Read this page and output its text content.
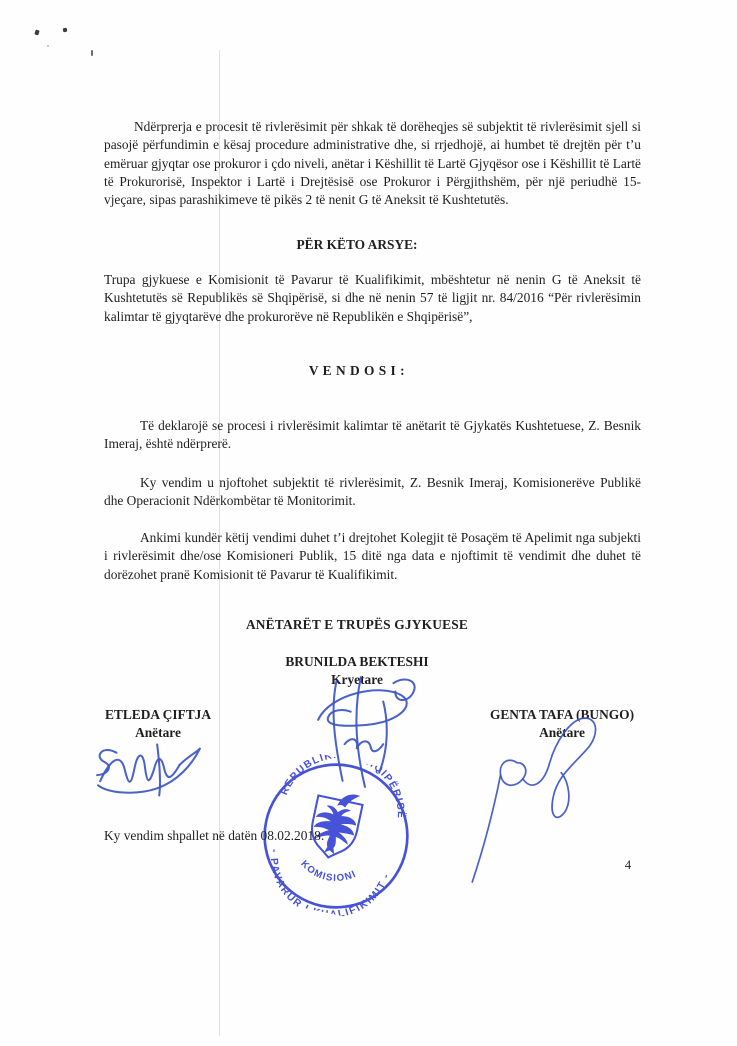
Ndërprerja e procesit të rivlerësimit për shkak të dorëheqjes së subjektit të rivlerësimit sjell si pasojë përfundimin e kësaj procedure administrative dhe, si rrjedhojë, ai humbet të drejtën për t’u emëruar gjyqtar ose prokuror i çdo niveli, anëtar i Këshillit të Lartë Gjyqësor ose i Këshillit të Lartë të Prokurorisë, Inspektor i Lartë i Drejtësisë ose Prokuror i Përgjithshëm, për një periudhë 15-vjeçare, sipas parashikimeve të pikës 2 të nenit G të Aneksit të Kushtetutës.
PËR KËTO ARSYE:
Trupa gjykuese e Komisionit të Pavarur të Kualifikimit, mbështetur në nenin G të Aneksit të Kushtetutës së Republikës së Shqipërisë, si dhe në nenin 57 të ligjit nr. 84/2016 “Për rivlerësimin kalimtar të gjyqtarëve dhe prokurorëve në Republikën e Shqipërisë”,
V E N D O S I :
Të deklarojë se procesi i rivlerësimit kalimtar të anëtarit të Gjykatës Kushtetuese, Z. Besnik Imeraj, është ndërprerë.
Ky vendim u njoftohet subjektit të rivlerësimit, Z. Besnik Imeraj, Komisionerëve Publikë dhe Operacionit Ndërkombëtar të Monitorimit.
Ankimi kundër këtij vendimi duhet t’i drejtohet Kolegjit të Posaçëm të Apelimit nga subjekti i rivlerësimit dhe/ose Komisioneri Publik, 15 ditë nga data e njoftimit të vendimit dhe duhet të dorëzohet pranë Komisionit të Pavarur të Kualifikimit.
ANËTARËT E TRUPËS GJYKUESE
BRUNILDA BEKTESHI
Kryetare
ETLEDA ÇIFTJA
Anëtare
GENTA TAFA (BUNGO)
Anëtare
REPUBLIKA E SHQIPËRISË
- PAVARUR I KUALIFIKIMIT -
KOMISIONI
Ky vendim shpallet në datën 08.02.2018.
4
